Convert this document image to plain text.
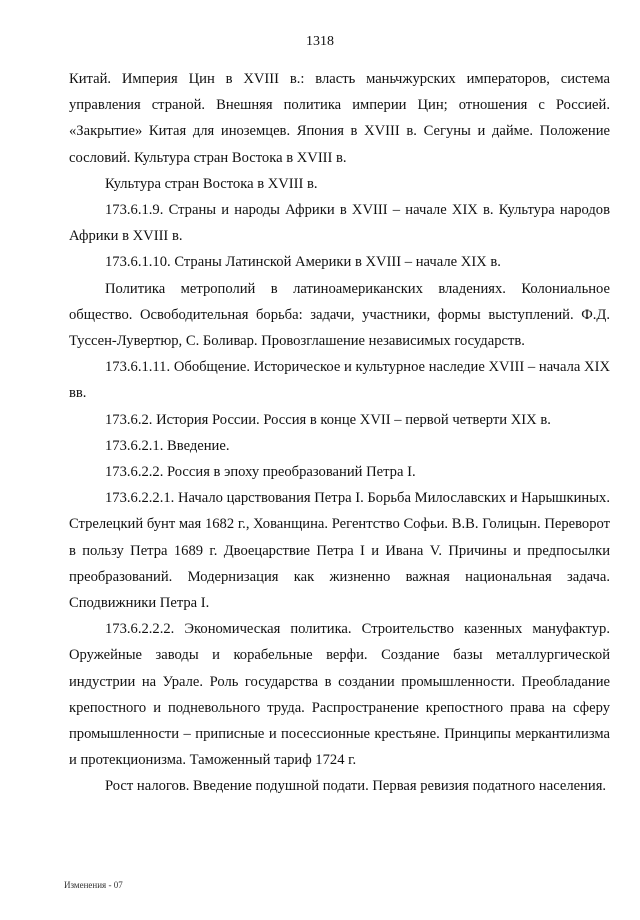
1318

Китай. Империя Цин в XVIII в.: власть маньчжурских императоров, система управления страной. Внешняя политика империи Цин; отношения с Россией. «Закрытие» Китая для иноземцев. Япония в XVIII в. Сегуны и дайме. Положение сословий. Культура стран Востока в XVIII в.

Культура стран Востока в XVIII в.

173.6.1.9. Страны и народы Африки в XVIII – начале XIX в. Культура народов Африки в XVIII в.

173.6.1.10. Страны Латинской Америки в XVIII – начале XIX в.

Политика метрополий в латиноамериканских владениях. Колониальное общество. Освободительная борьба: задачи, участники, формы выступлений. Ф.Д. Туссен-Лувертюр, С. Боливар. Провозглашение независимых государств.

173.6.1.11. Обобщение. Историческое и культурное наследие XVIII – начала XIX вв.

173.6.2. История России. Россия в конце XVII – первой четверти XIX в.

173.6.2.1. Введение.

173.6.2.2. Россия в эпоху преобразований Петра I.

173.6.2.2.1. Начало царствования Петра I. Борьба Милославских и Нарышкиных. Стрелецкий бунт мая 1682 г., Хованщина. Регентство Софьи. В.В. Голицын. Переворот в пользу Петра 1689 г. Двоецарствие Петра I и Ивана V. Причины и предпосылки преобразований. Модернизация как жизненно важная национальная задача. Сподвижники Петра I.

173.6.2.2.2. Экономическая политика. Строительство казенных мануфактур. Оружейные заводы и корабельные верфи. Создание базы металлургической индустрии на Урале. Роль государства в создании промышленности. Преобладание крепостного и подневольного труда. Распространение крепостного права на сферу промышленности – приписные и посессионные крестьяне. Принципы меркантилизма и протекционизма. Таможенный тариф 1724 г.

Рост налогов. Введение подушной подати. Первая ревизия податного населения.

Изменения - 07
